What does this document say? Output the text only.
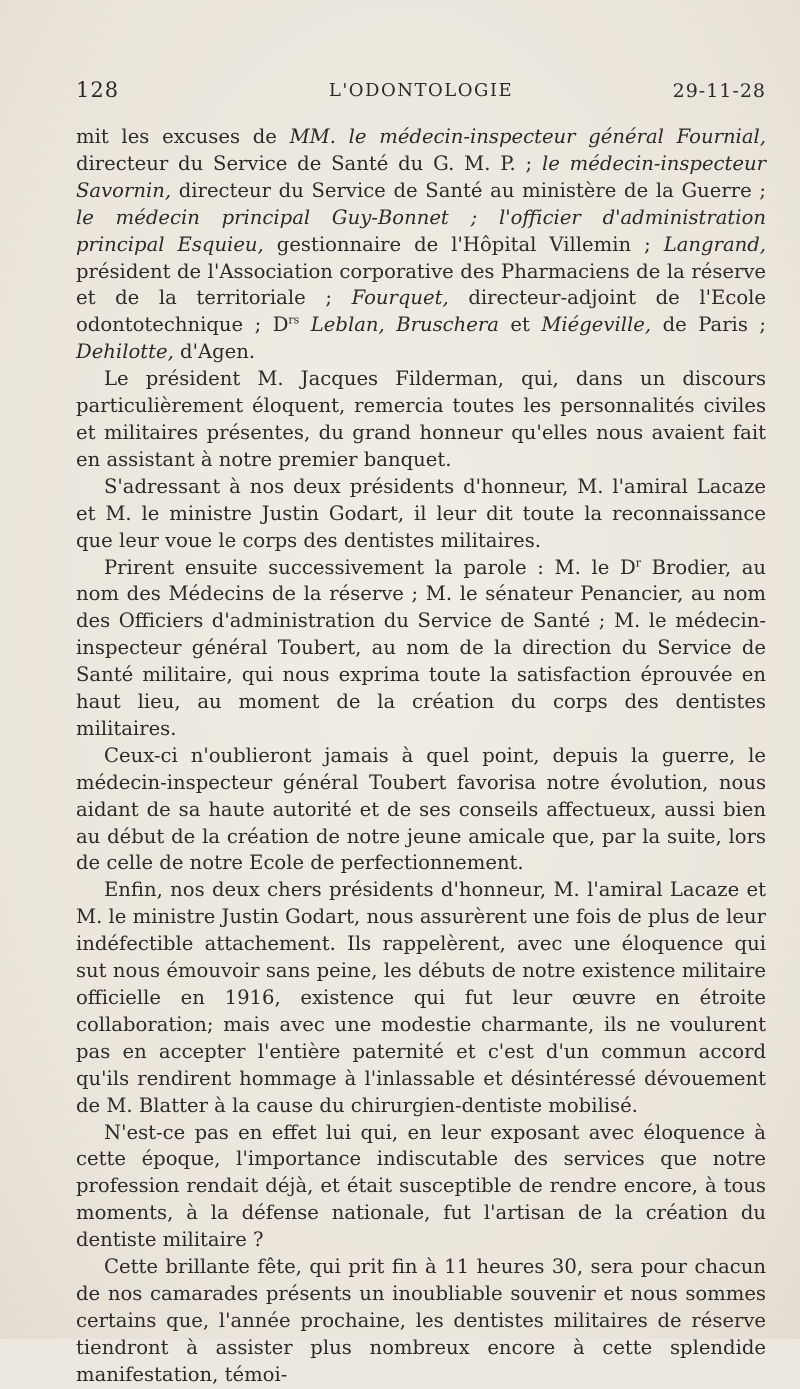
128	L'ODONTOLOGIE	29-11-28

mit les excuses de MM. le médecin-inspecteur général Fournial, directeur du Service de Santé du G. M. P. ; le médecin-inspecteur Savornin, directeur du Service de Santé au ministère de la Guerre ; le médecin principal Guy-Bonnet ; l'officier d'administration principal Esquieu, gestionnaire de l'Hôpital Villemin ; Langrand, président de l'Association corporative des Pharmaciens de la réserve et de la territoriale ; Fourquet, directeur-adjoint de l'Ecole odontotechnique ; $D^{rs}$ Leblan, Bruschera et Miégeville, de Paris ; Dehilotte, d'Agen.

Le président M. Jacques Filderman, qui, dans un discours particulièrement éloquent, remercia toutes les personnalités civiles et militaires présentes, du grand honneur qu'elles nous avaient fait en assistant à notre premier banquet.

S'adressant à nos deux présidents d'honneur, M. l'amiral Lacaze et M. le ministre Justin Godart, il leur dit toute la reconnaissance que leur voue le corps des dentistes militaires.

Prirent ensuite successivement la parole : M. le $D^r$ Brodier, au nom des Médecins de la réserve ; M. le sénateur Penancier, au nom des Officiers d'administration du Service de Santé ; M. le médecin-inspecteur général Toubert, au nom de la direction du Service de Santé militaire, qui nous exprima toute la satisfaction éprouvée en haut lieu, au moment de la création du corps des dentistes militaires.

Ceux-ci n'oublieront jamais à quel point, depuis la guerre, le médecin-inspecteur général Toubert favorisa notre évolution, nous aidant de sa haute autorité et de ses conseils affectueux, aussi bien au début de la création de notre jeune amicale que, par la suite, lors de celle de notre Ecole de perfectionnement.

Enfin, nos deux chers présidents d'honneur, M. l'amiral Lacaze et M. le ministre Justin Godart, nous assurèrent une fois de plus de leur indéfectible attachement. Ils rappelèrent, avec une éloquence qui sut nous émouvoir sans peine, les débuts de notre existence militaire officielle en 1916, existence qui fut leur œuvre en étroite collaboration; mais avec une modestie charmante, ils ne voulurent pas en accepter l'entière paternité et c'est d'un commun accord qu'ils rendirent hommage à l'inlassable et désintéressé dévouement de M. Blatter à la cause du chirurgien-dentiste mobilisé.

N'est-ce pas en effet lui qui, en leur exposant avec éloquence à cette époque, l'importance indiscutable des services que notre profession rendait déjà, et était susceptible de rendre encore, à tous moments, à la défense nationale, fut l'artisan de la création du dentiste militaire ?

Cette brillante fête, qui prit fin à 11 heures 30, sera pour chacun de nos camarades présents un inoubliable souvenir et nous sommes certains que, l'année prochaine, les dentistes militaires de réserve tiendront à assister plus nombreux encore à cette splendide manifestation, témoi-
